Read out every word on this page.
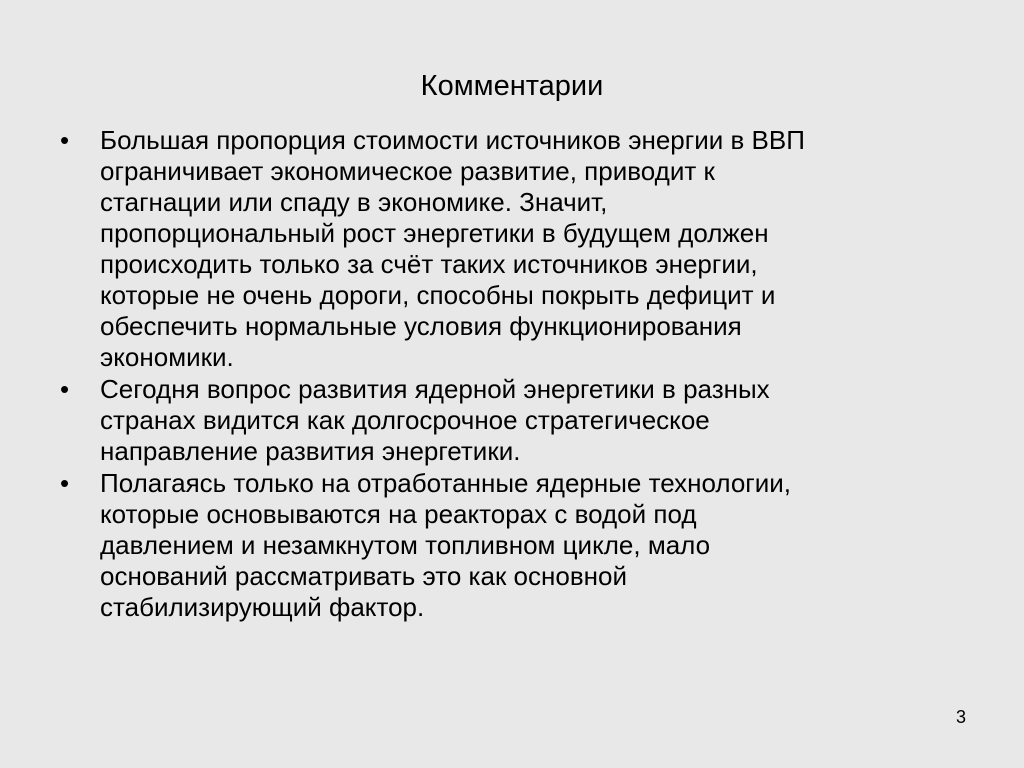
Комментарии
• Большая пропорция стоимости источников энергии в ВВП
ограничивает экономическое развитие, приводит к
стагнации или спаду в экономике. Значит,
пропорциональный рост энергетики в будущем должен
происходить только за счёт таких источников энергии,
которые не очень дороги, способны покрыть дефицит и
обеспечить нормальные условия функционирования
экономики.
• Сегодня вопрос развития ядерной энергетики в разных
странах видится как долгосрочное стратегическое
направление развития энергетики.
• Полагаясь только на отработанные ядерные технологии,
которые основываются на реакторах с водой под
давлением и незамкнутом топливном цикле, мало
оснований рассматривать это как основной
стабилизирующий фактор.
3
